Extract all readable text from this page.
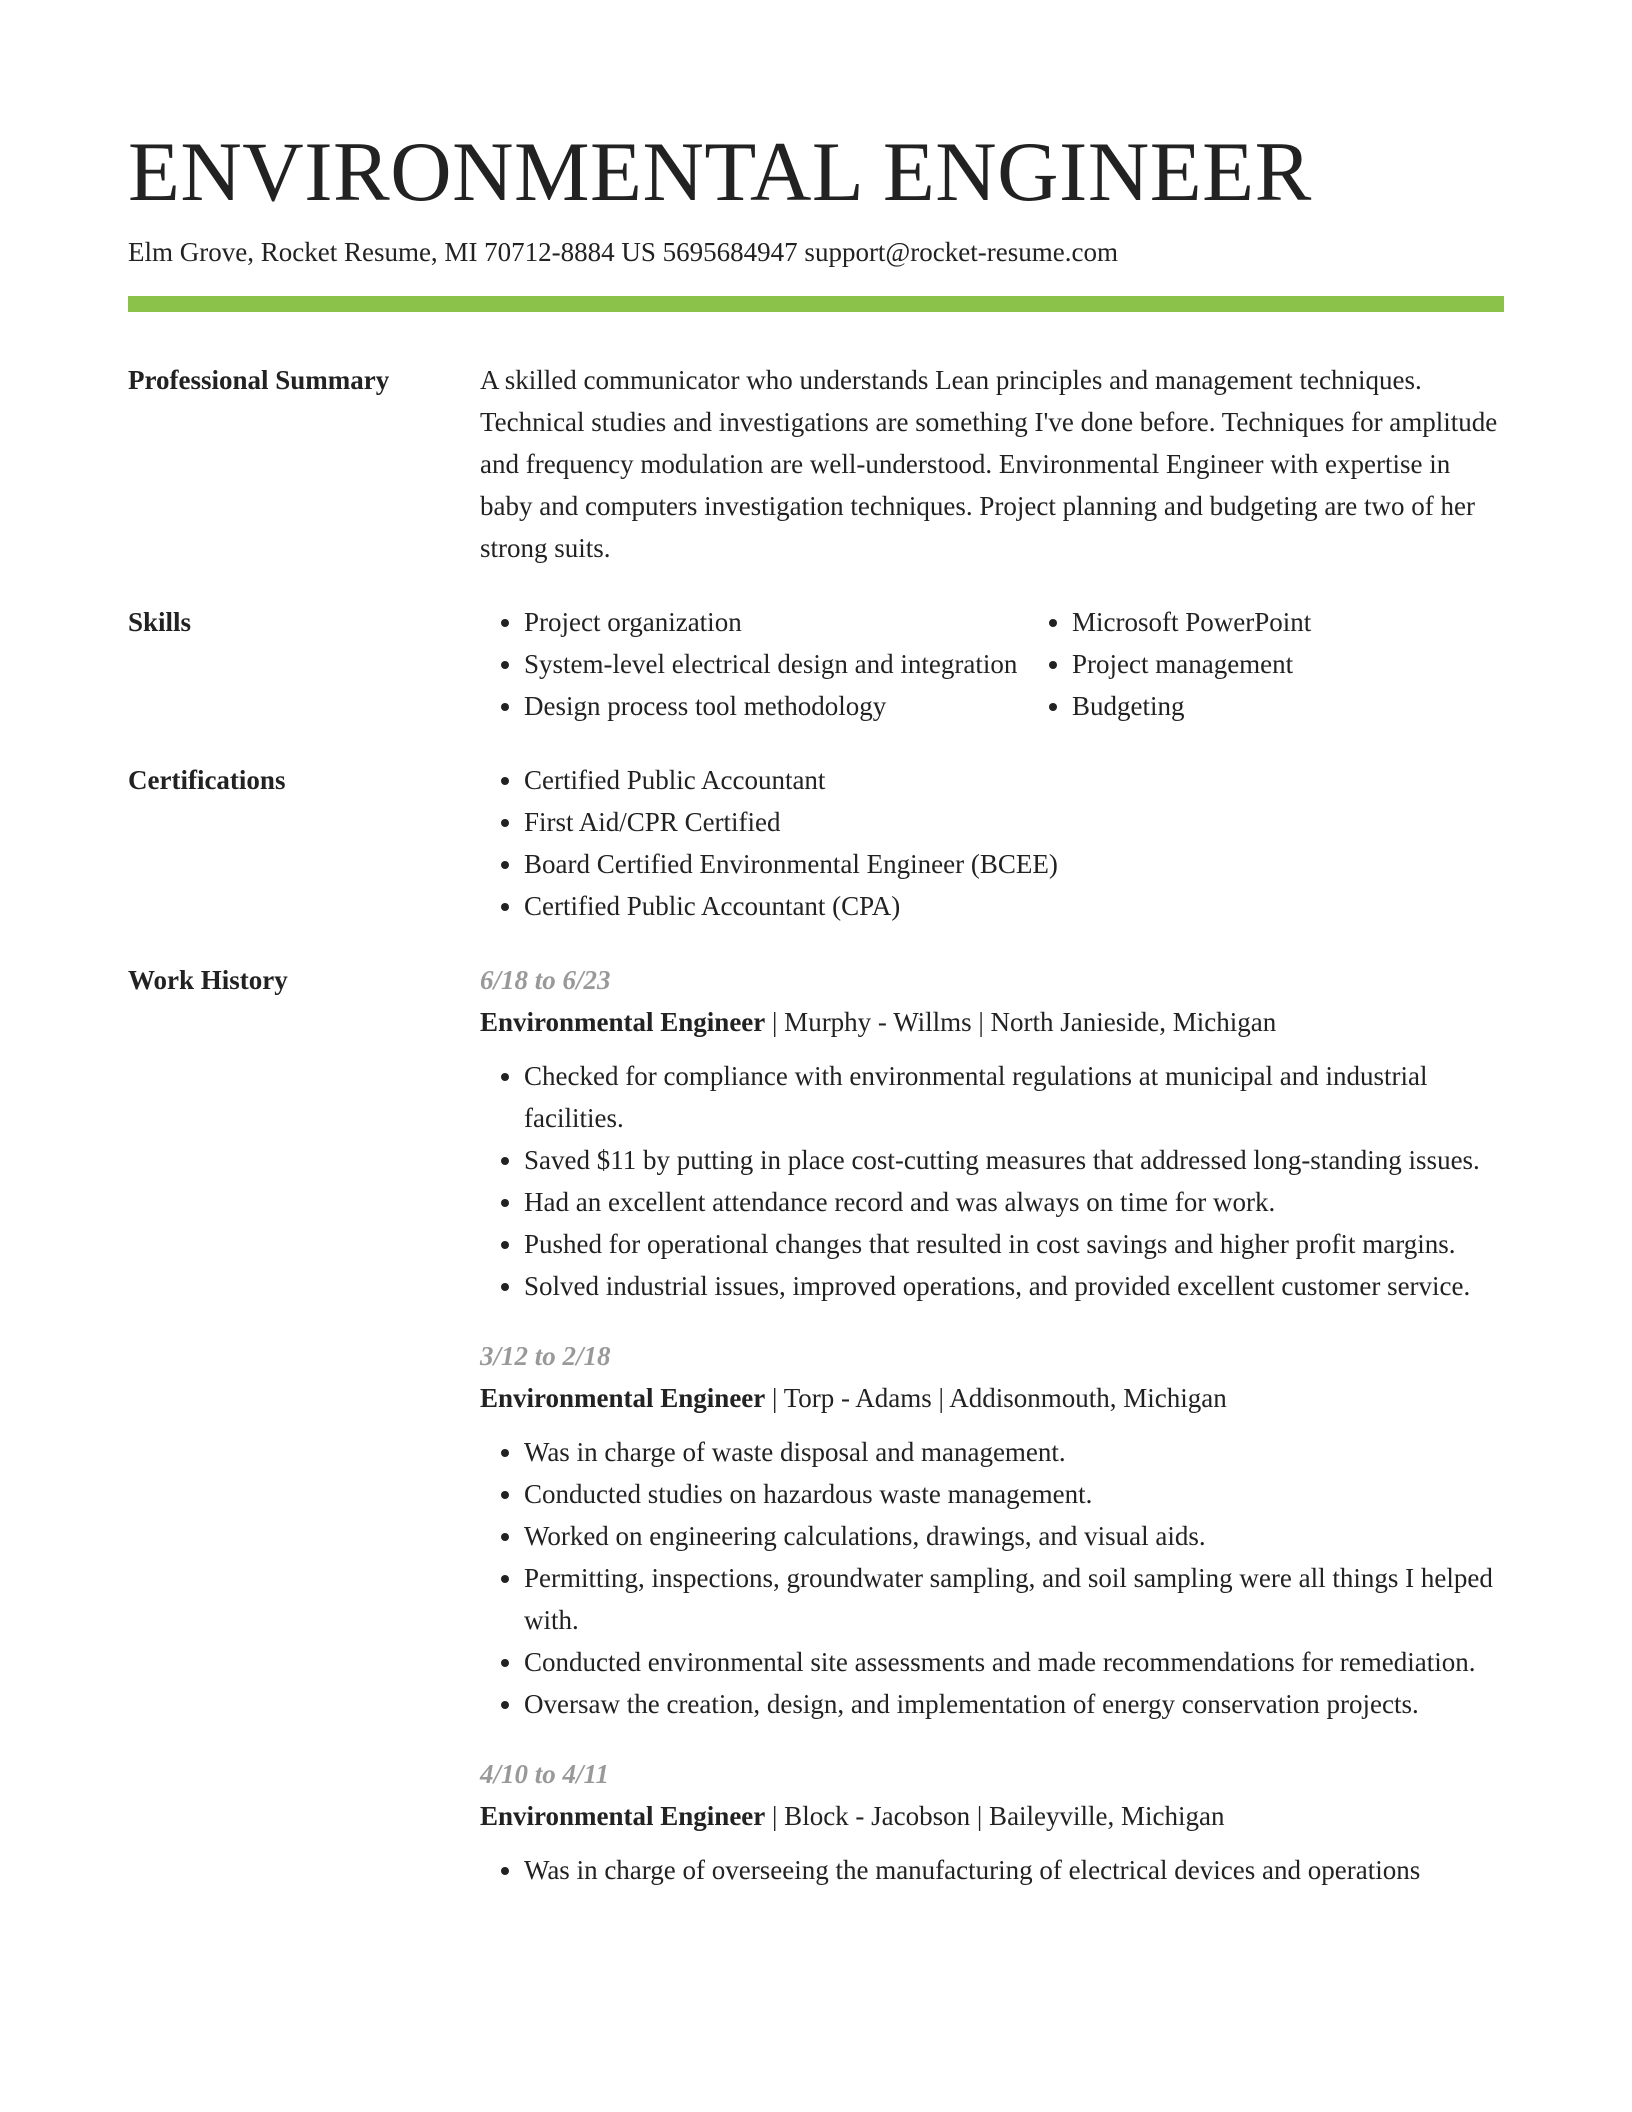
ENVIRONMENTAL ENGINEER
Elm Grove, Rocket Resume, MI 70712-8884 US 5695684947 support@rocket-resume.com
Professional Summary	A skilled communicator who understands Lean principles and management techniques. Technical studies and investigations are something I've done before. Techniques for amplitude and frequency modulation are well-understood. Environmental Engineer with expertise in baby and computers investigation techniques. Project planning and budgeting are two of her strong suits.

Skills	• Project organization
• System-level electrical design and integration
• Design process tool methodology
• Microsoft PowerPoint
• Project management
• Budgeting
Certifications	• Certified Public Accountant
• First Aid/CPR Certified
• Board Certified Environmental Engineer (BCEE)
• Certified Public Accountant (CPA)
Work History	6/18 to 6/23
Environmental Engineer | Murphy - Willms | North Janieside, Michigan
• Checked for compliance with environmental regulations at municipal and industrial facilities.
• Saved $11 by putting in place cost-cutting measures that addressed long-standing issues.
• Had an excellent attendance record and was always on time for work.
• Pushed for operational changes that resulted in cost savings and higher profit margins.
• Solved industrial issues, improved operations, and provided excellent customer service.
3/12 to 2/18
Environmental Engineer | Torp - Adams | Addisonmouth, Michigan
• Was in charge of waste disposal and management.
• Conducted studies on hazardous waste management.
• Worked on engineering calculations, drawings, and visual aids.
• Permitting, inspections, groundwater sampling, and soil sampling were all things I helped with.
• Conducted environmental site assessments and made recommendations for remediation.
• Oversaw the creation, design, and implementation of energy conservation projects.
4/10 to 4/11
Environmental Engineer | Block - Jacobson | Baileyville, Michigan
• Was in charge of overseeing the manufacturing of electrical devices and operations
